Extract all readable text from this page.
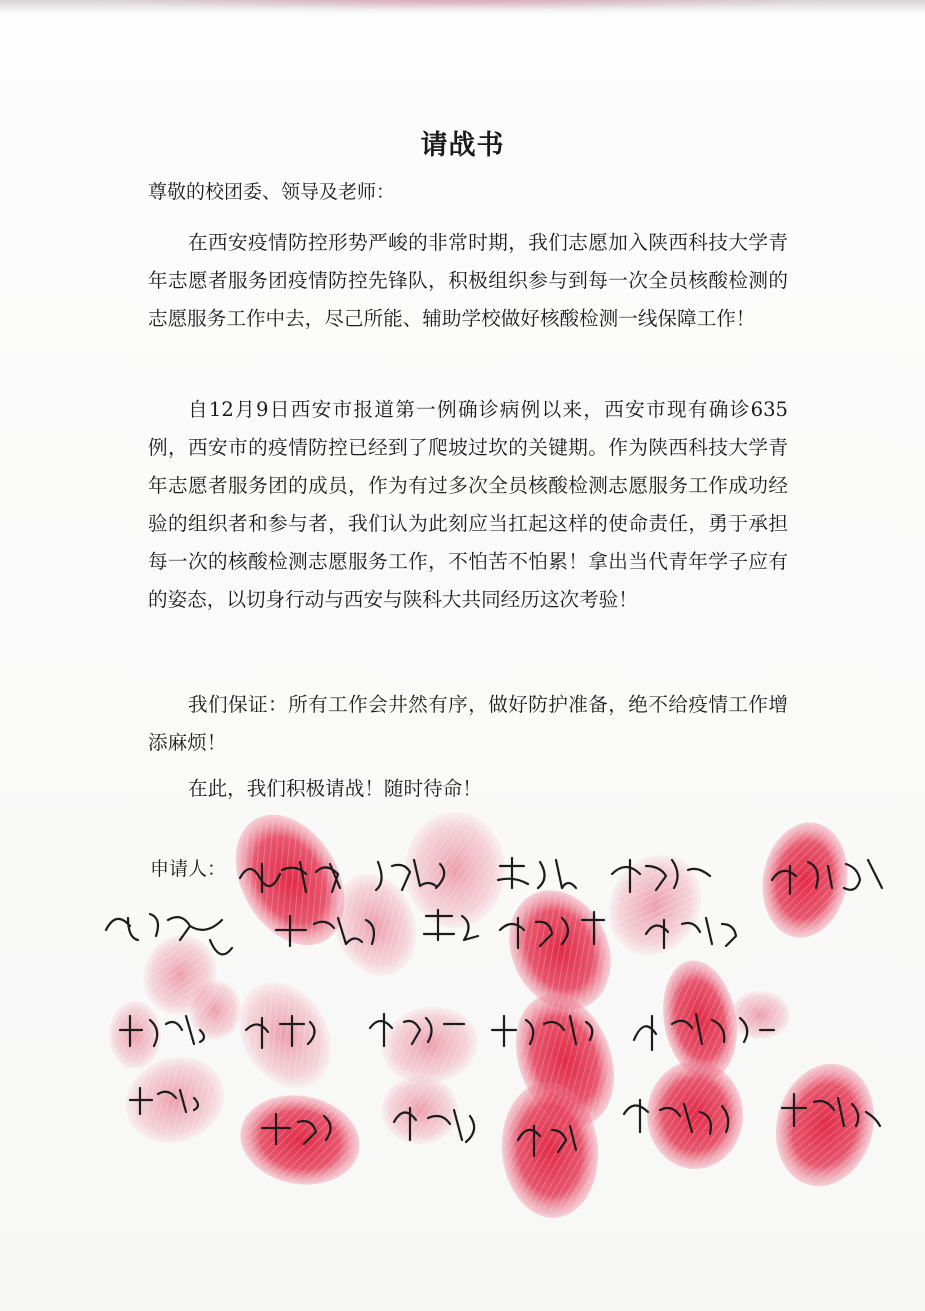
请战书
尊敬的校团委、领导及老师：

在西安疫情防控形势严峻的非常时期，我们志愿加入陕西科技大学青年志愿者服务团疫情防控先锋队，积极组织参与到每一次全员核酸检测的志愿服务工作中去，尽己所能、辅助学校做好核酸检测一线保障工作！

自12月9日西安市报道第一例确诊病例以来，西安市现有确诊635例，西安市的疫情防控已经到了爬坡过坎的关键期。作为陕西科技大学青年志愿者服务团的成员，作为有过多次全员核酸检测志愿服务工作成功经验的组织者和参与者，我们认为此刻应当扛起这样的使命责任，勇于承担每一次的核酸检测志愿服务工作，不怕苦不怕累！拿出当代青年学子应有的姿态，以切身行动与西安与陕科大共同经历这次考验！

我们保证：所有工作会井然有序，做好防护准备，绝不给疫情工作增添麻烦！

在此，我们积极请战！随时待命！

申请人：
